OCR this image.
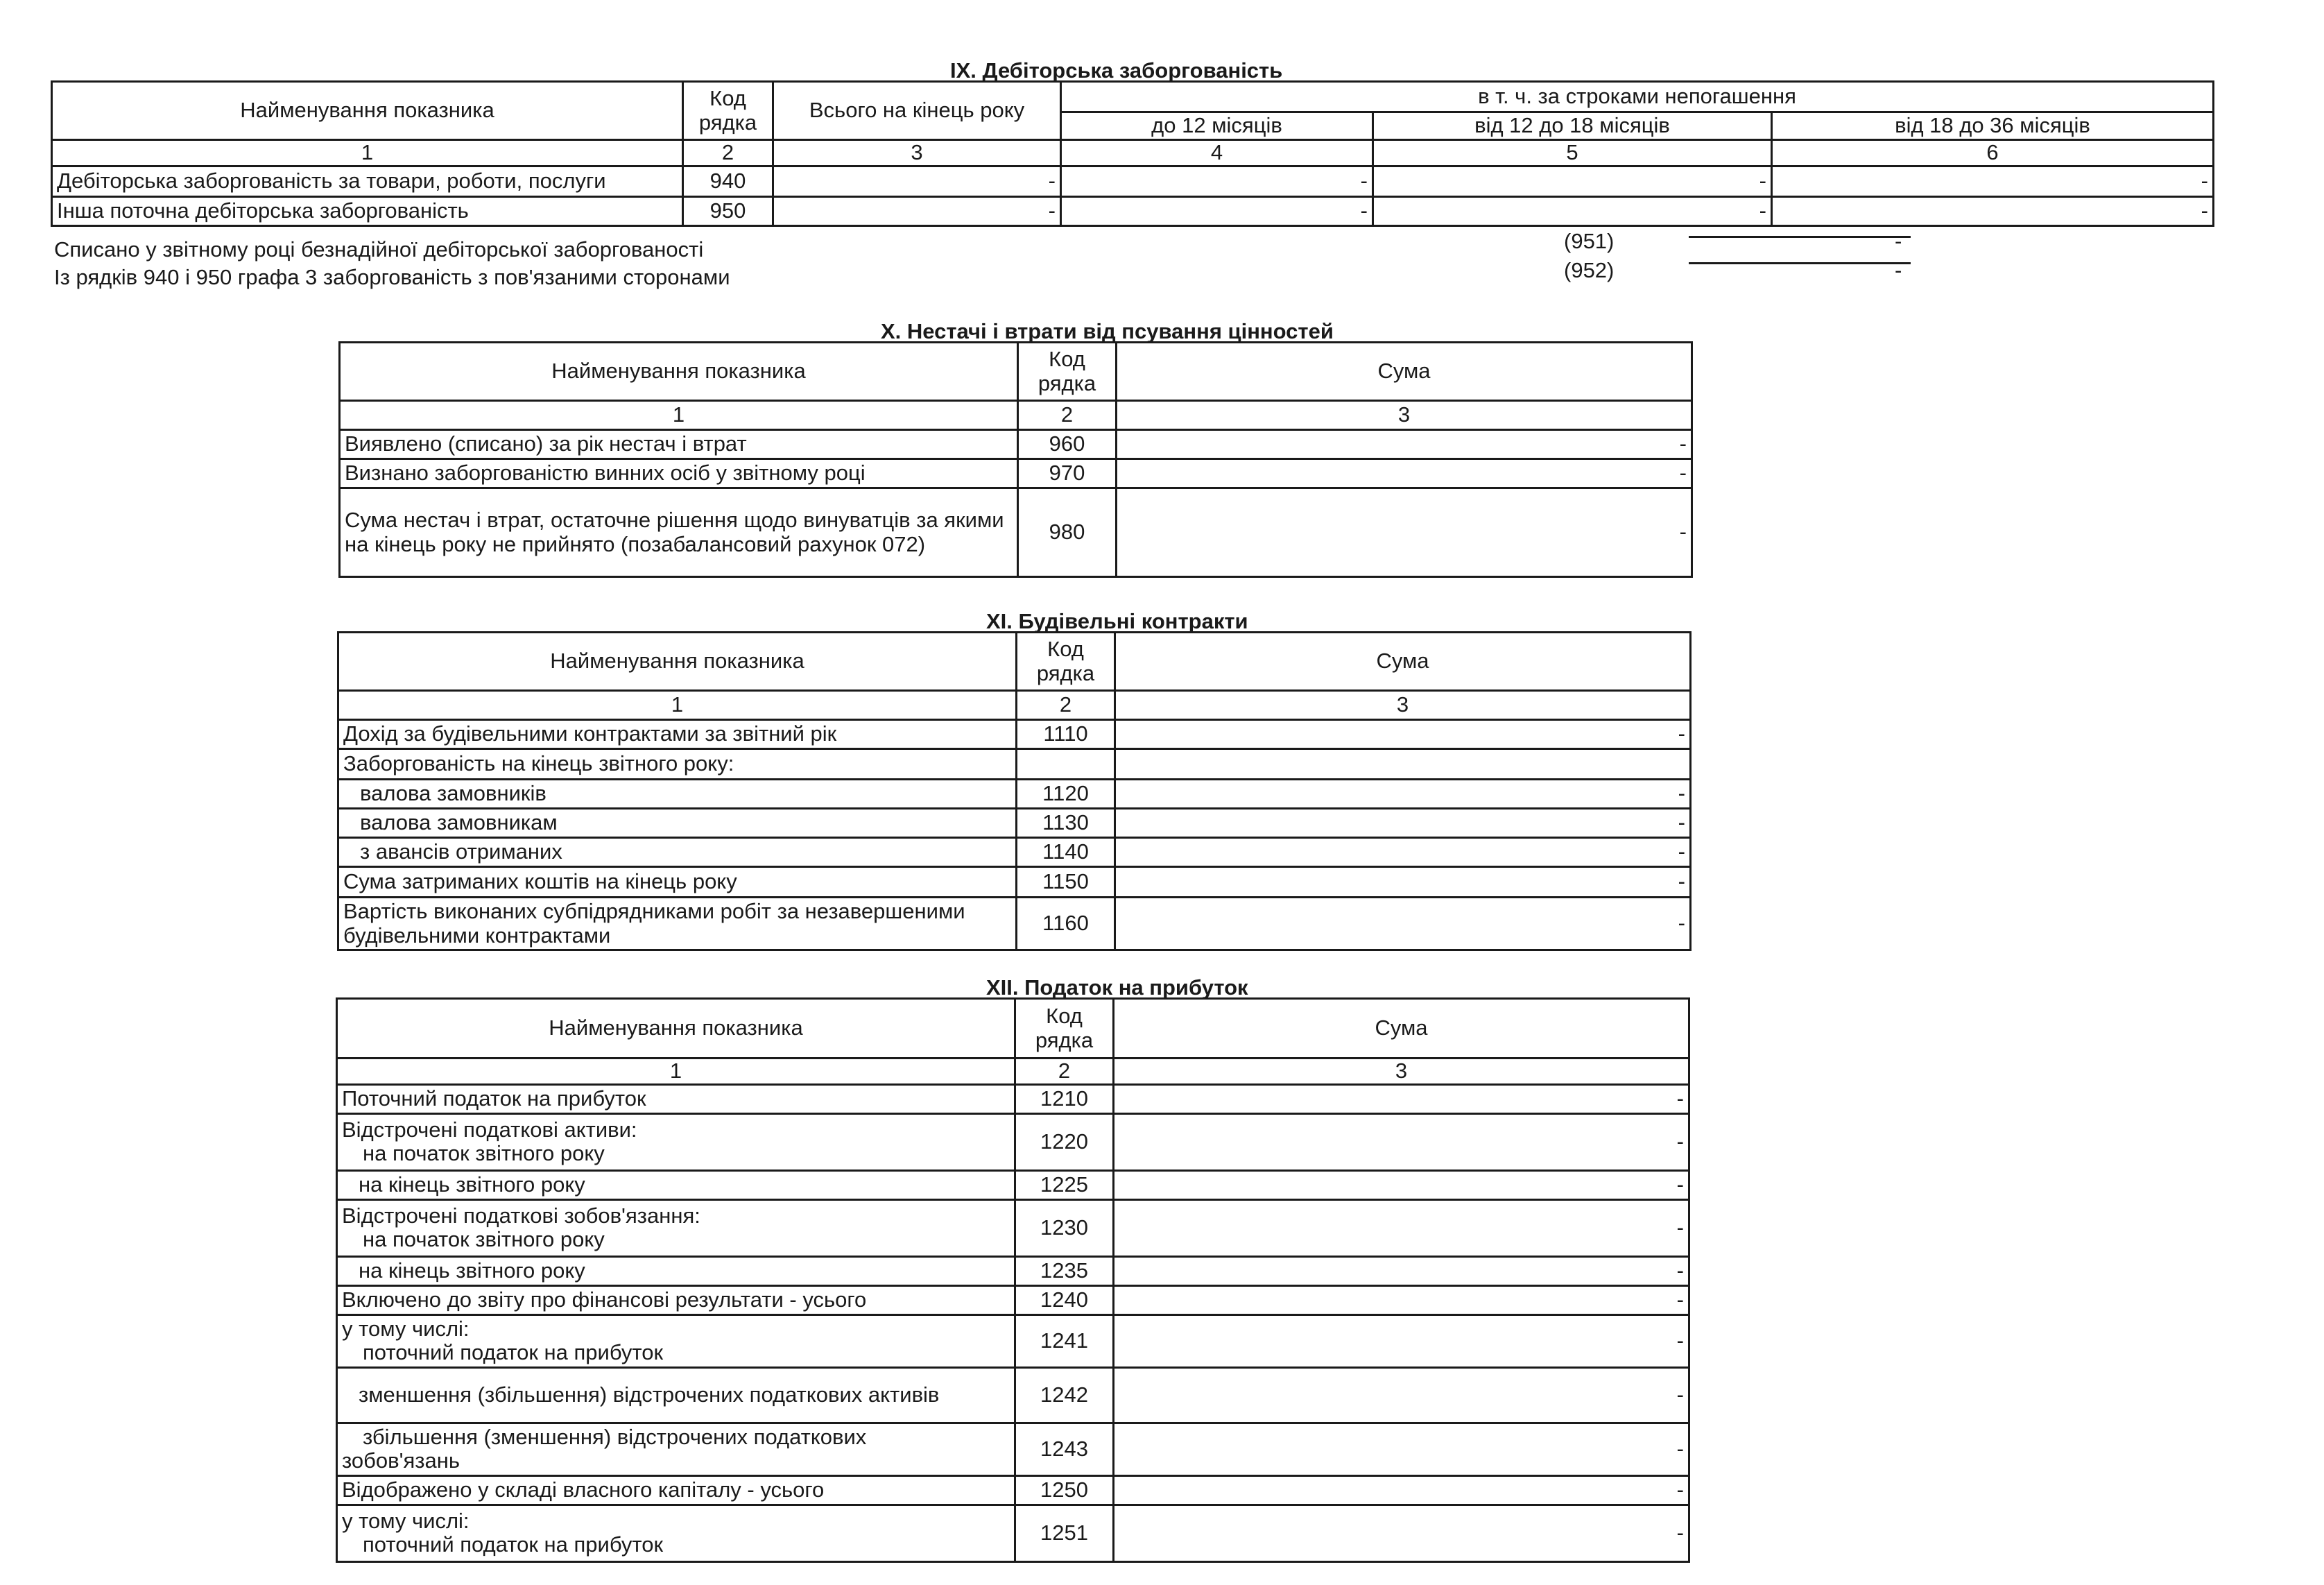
IX. Дебіторська заборгованість
Найменування показника	Код рядка	Всього на кінець року	в т. ч. за строками непогашення		
			до 12 місяців	від 12 до 18 місяців	від 18 до 36 місяців
1	2	3	4	5	6
Дебіторська заборгованість за товари, роботи, послуги	940	-	-	-	-
Інша поточна дебіторська заборгованість	950	-	-	-	-
Списано у звітному році безнадійної дебіторської заборгованості	(951)	-
Із рядків 940 і 950 графа 3 заборгованість з пов'язаними сторонами	(952)	-
X. Нестачі і втрати від псування цінностей
Найменування показника	Код рядка	Сума
1	2	3
Виявлено (списано) за рік нестач і втрат	960	-
Визнано заборгованістю винних осіб у звітному році	970	-
Сума нестач і втрат, остаточне рішення щодо винуватців за якими на кінець року не прийнято (позабалансовий рахунок 072)	980	-
XI. Будівельні контракти
Найменування показника	Код рядка	Сума
1	2	3
Дохід за будівельними контрактами за звітний рік	1110	-
Заборгованість на кінець звітного року:		
валова замовників	1120	-
валова замовникам	1130	-
з авансів отриманих	1140	-
Сума затриманих коштів на кінець року	1150	-
Вартість виконаних субпідрядниками робіт за незавершеними будівельними контрактами	1160	-
XII. Податок на прибуток
Найменування показника	Код рядка	Сума
1	2	3
Поточний податок на прибуток	1210	-

Відстрочені податкові активи:
на початок звітного року	1220	-
на кінець звітного року	1225	-

Відстрочені податкові зобов'язання:
на початок звітного року	1230	-
на кінець звітного року	1235	-
Включено до звіту про фінансові результати - усього	1240	-

у тому числі:
поточний податок на прибуток	1241	-
зменшення (збільшення) відстрочених податкових активів	1242	-

збільшення (зменшення) відстрочених податкових
зобов'язань	1243	-
Відображено у складі власного капіталу - усього	1250	-

у тому числі:
поточний податок на прибуток	1251	-
